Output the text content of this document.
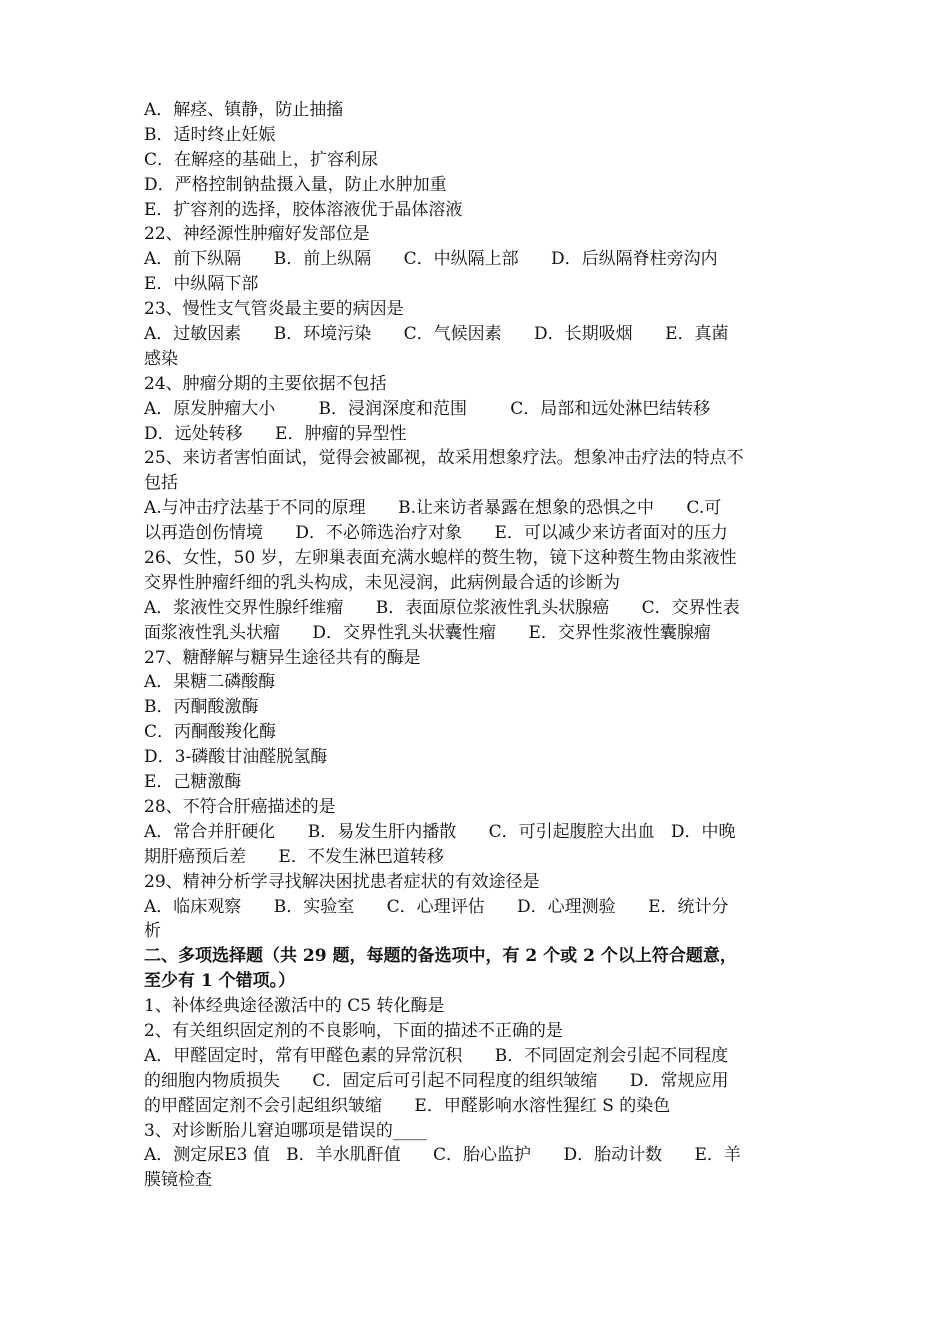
A．解痉、镇静，防止抽搐
B．适时终止妊娠
C．在解痉的基础上，扩容利尿
D．严格控制钠盐摄入量，防止水肿加重
E．扩容剂的选择，胶体溶液优于晶体溶液
22、神经源性肿瘤好发部位是
A．前下纵隔      B．前上纵隔      C．中纵隔上部      D．后纵隔脊柱旁沟内
E．中纵隔下部
23、慢性支气管炎最主要的病因是
A．过敏因素      B．环境污染      C．气候因素      D．长期吸烟      E．真菌
感染
24、肿瘤分期的主要依据不包括
A．原发肿瘤大小        B．浸润深度和范围        C．局部和远处淋巴结转移
D．远处转移      E．肿瘤的异型性
25、来访者害怕面试，觉得会被鄙视，故采用想象疗法。想象冲击疗法的特点不
包括
A.与冲击疗法基于不同的原理      B.让来访者暴露在想象的恐惧之中      C.可
以再造创伤情境      D．不必筛选治疗对象      E．可以减少来访者面对的压力
26、女性，50 岁，左卵巢表面充满水螅样的赘生物，镜下这种赘生物由浆液性
交界性肿瘤纤细的乳头构成，未见浸润，此病例最合适的诊断为
A．浆液性交界性腺纤维瘤      B．表面原位浆液性乳头状腺癌      C．交界性表
面浆液性乳头状瘤      D．交界性乳头状囊性瘤      E．交界性浆液性囊腺瘤
27、糖酵解与糖异生途径共有的酶是
A．果糖二磷酸酶
B．丙酮酸激酶
C．丙酮酸羧化酶
D．3-磷酸甘油醛脱氢酶
E．己糖激酶
28、不符合肝癌描述的是
A．常合并肝硬化      B．易发生肝内播散      C．可引起腹腔大出血   D．中晚
期肝癌预后差      E．不发生淋巴道转移
29、精神分析学寻找解决困扰患者症状的有效途径是
A．临床观察      B．实验室      C．心理评估      D．心理测验      E．统计分
析
二、多项选择题（共 29 题，每题的备选项中，有 2 个或 2 个以上符合题意，
至少有 1 个错项。）
1、补体经典途径激活中的 C5 转化酶是
2、有关组织固定剂的不良影响，下面的描述不正确的是
A．甲醛固定时，常有甲醛色素的异常沉积      B．不同固定剂会引起不同程度
的细胞内物质损失      C．固定后可引起不同程度的组织皱缩      D．常规应用
的甲醛固定剂不会引起组织皱缩      E．甲醛影响水溶性猩红 S 的染色
3、对诊断胎儿窘迫哪项是错误的____
A．测定尿E3 值   B．羊水肌酐值      C．胎心监护      D．胎动计数      E．羊
膜镜检查
